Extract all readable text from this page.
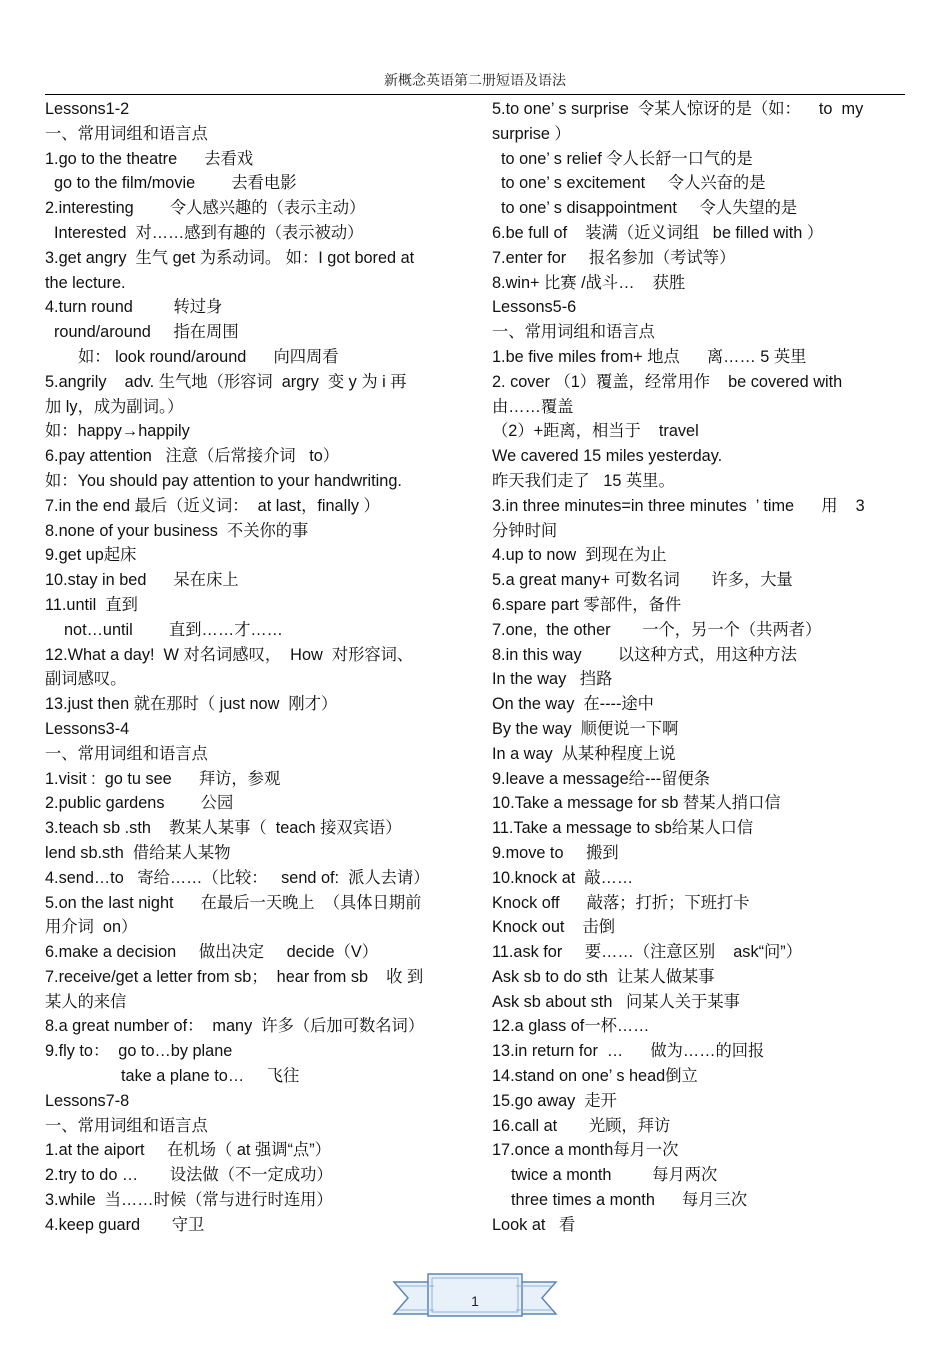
新概念英语第二册短语及语法
Lessons1-2
一、常用词组和语言点
1.go to the theatre      去看戏
go to the film/movie        去看电影
2.interesting        令人感兴趣的（表示主动）
Interested  对……感到有趣的（表示被动）
3.get angry  生气 get 为系动词。 如：I got bored at
the lecture.
4.turn round         转过身
round/around     指在周围
如： look round/around      向四周看
5.angrily    adv. 生气地（形容词  argry  变 y 为 i 再
加 ly，成为副词。）
如：happy→happily
6.pay attention   注意（后常接介词   to）
如：You should pay attention to your handwriting.
7.in the end 最后（近义词：  at last，finally ）
8.none of your business  不关你的事
9.get up起床
10.stay in bed      呆在床上
11.until  直到
not…until        直到……才……
12.What a day!  W 对名词感叹，  How  对形容词、
副词感叹。
13.just then 就在那时（ just now  刚才）
Lessons3-4
一、常用词组和语言点
1.visit :  go tu see      拜访，参观
2.public gardens        公园
3.teach sb .sth    教某人某事（  teach 接双宾语）
lend sb.sth  借给某人某物
4.send…to   寄给……（比较：   send of:  派人去请）
5.on the last night      在最后一天晚上  （具体日期前
用介词  on）
6.make a decision     做出决定     decide（V）
7.receive/get a letter from sb；  hear from sb    收 到
某人的来信
8.a great number of：  many  许多（后加可数名词）
9.fly to：  go to…by plane
take a plane to…     飞往
Lessons7-8
一、常用词组和语言点
1.at the aiport     在机场（ at 强调“点”）
2.try to do …       设法做（不一定成功）
3.while  当……时候（常与进行时连用）
4.keep guard       守卫
5.to one’ s surprise  令某人惊讶的是（如：    to  my
surprise ）
to one’ s relief 令人长舒一口气的是
to one’ s excitement     令人兴奋的是
to one’ s disappointment     令人失望的是
6.be full of    装满（近义词组   be filled with ）
7.enter for     报名参加（考试等）
8.win+ 比赛 /战斗…    获胜
Lessons5-6
一、常用词组和语言点
1.be five miles from+ 地点      离…… 5 英里
2. cover （1）覆盖，经常用作    be covered with
由……覆盖
（2）+距离，相当于    travel
We cavered 15 miles yesterday.
昨天我们走了   15 英里。
3.in three minutes=in three minutes  ’ time      用    3
分钟时间
4.up to now  到现在为止
5.a great many+ 可数名词       许多，大量
6.spare part 零部件，备件
7.one,  the other       一个，另一个（共两者）
8.in this way        以这种方式，用这种方法
In the way   挡路
On the way  在----途中
By the way  顺便说一下啊
In a way  从某种程度上说
9.leave a message给---留便条
10.Take a message for sb 替某人捎口信
11.Take a message to sb给某人口信
9.move to     搬到
10.knock at  敲……
Knock off      敲落；打折；下班打卡
Knock out    击倒
11.ask for     要……（注意区别    ask“问”）
Ask sb to do sth  让某人做某事
Ask sb about sth   问某人关于某事
12.a glass of一杯……
13.in return for  …      做为……的回报
14.stand on one’ s head倒立
15.go away  走开
16.call at       光顾，拜访
17.once a month每月一次
twice a month         每月两次
three times a month      每月三次
Look at   看
1
